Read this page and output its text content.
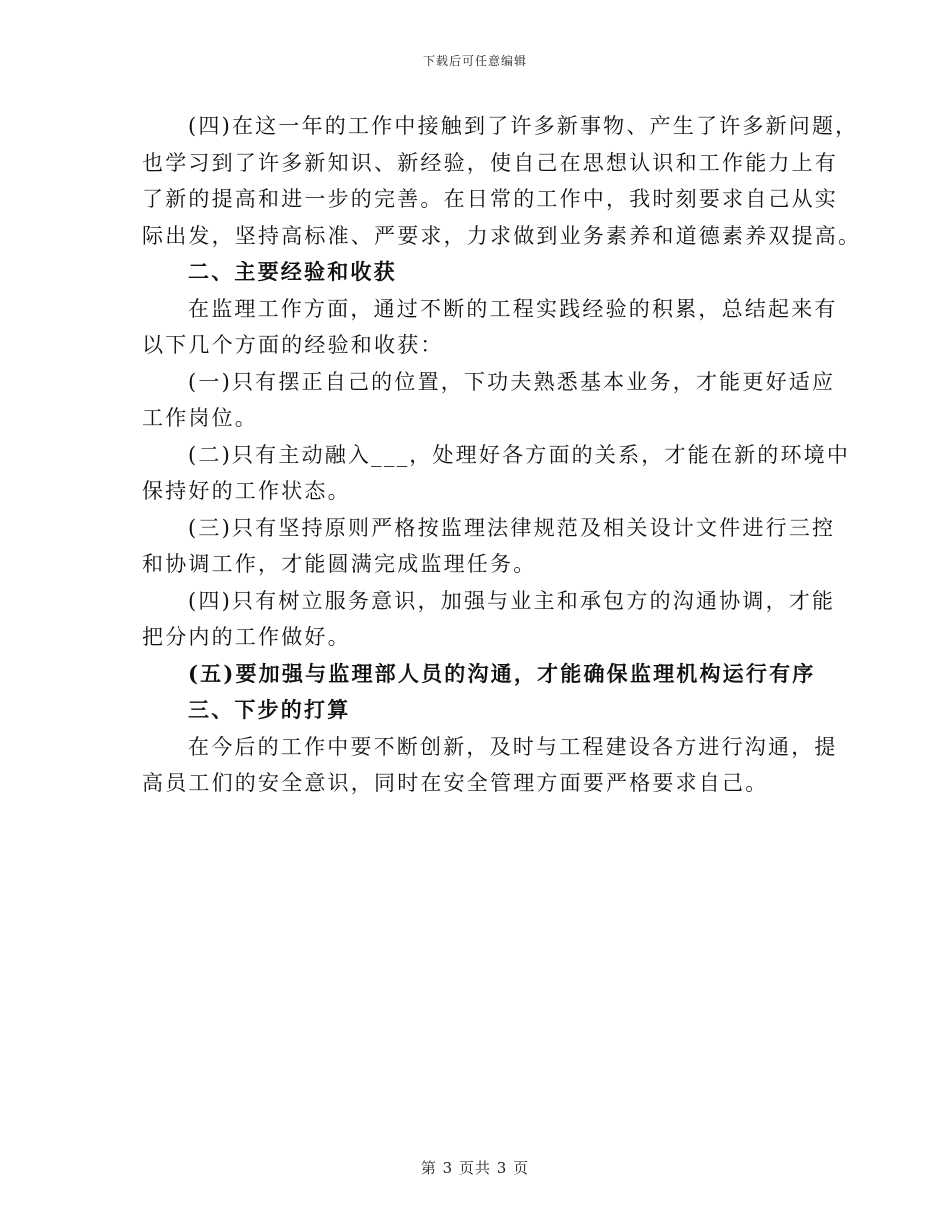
下载后可任意编辑

(四)在这一年的工作中接触到了许多新事物、产生了许多新问题，

也学习到了许多新知识、新经验，使自己在思想认识和工作能力上有

了新的提高和进一步的完善。在日常的工作中，我时刻要求自己从实

际出发，坚持高标准、严要求，力求做到业务素养和道德素养双提高。

二、主要经验和收获

在监理工作方面，通过不断的工程实践经验的积累，总结起来有

以下几个方面的经验和收获：

(一)只有摆正自己的位置，下功夫熟悉基本业务，才能更好适应

工作岗位。

(二)只有主动融入___，处理好各方面的关系，才能在新的环境中

保持好的工作状态。

(三)只有坚持原则严格按监理法律规范及相关设计文件进行三控

和协调工作，才能圆满完成监理任务。

(四)只有树立服务意识，加强与业主和承包方的沟通协调，才能

把分内的工作做好。

(五)要加强与监理部人员的沟通，才能确保监理机构运行有序

三、下步的打算

在今后的工作中要不断创新，及时与工程建设各方进行沟通，提

高员工们的安全意识，同时在安全管理方面要严格要求自己。

第 3 页共 3 页
